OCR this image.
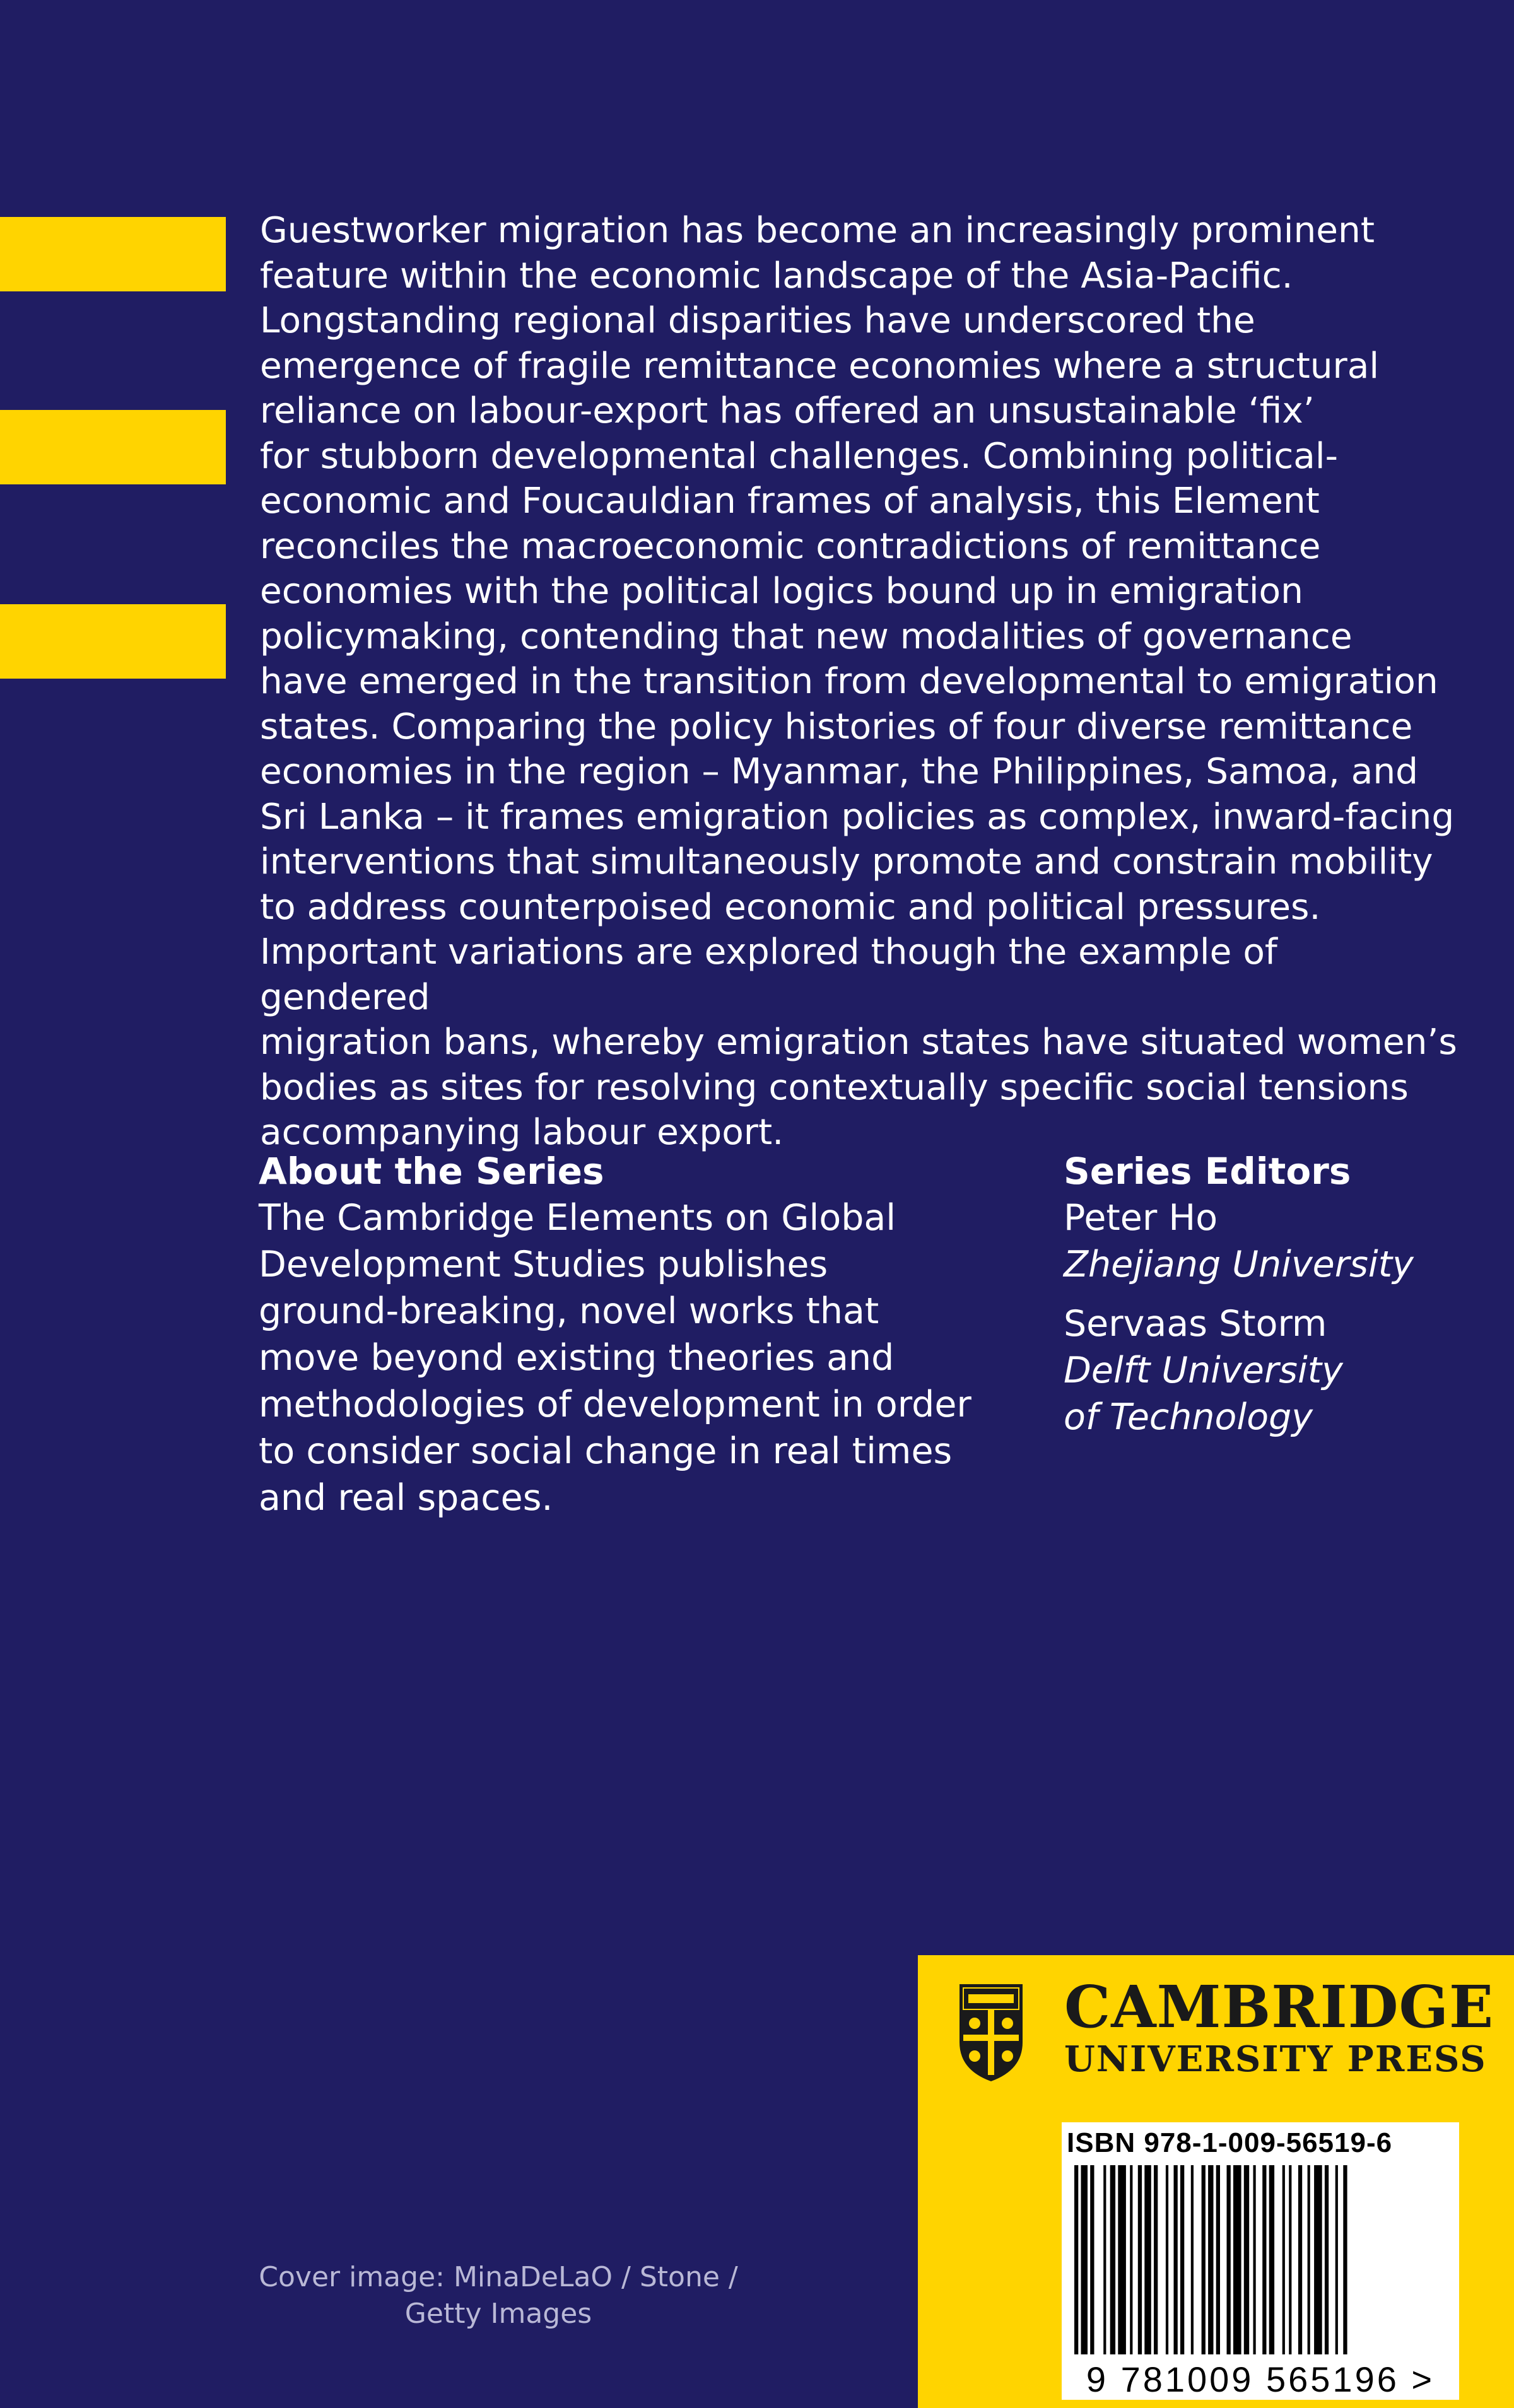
Guestworker migration has become an increasingly prominent

feature within the economic landscape of the Asia-Pacific.

Longstanding regional disparities have underscored the

emergence of fragile remittance economies where a structural

reliance on labour-export has offered an unsustainable ‘fix’

for stubborn developmental challenges. Combining political-

economic and Foucauldian frames of analysis, this Element

reconciles the macroeconomic contradictions of remittance

economies with the political logics bound up in emigration

policymaking, contending that new modalities of governance

have emerged in the transition from developmental to emigration

states. Comparing the policy histories of four diverse remittance

economies in the region – Myanmar, the Philippines, Samoa, and

Sri Lanka – it frames emigration policies as complex, inward-facing

interventions that simultaneously promote and constrain mobility

to address counterpoised economic and political pressures.

Important variations are explored though the example of gendered

migration bans, whereby emigration states have situated women’s

bodies as sites for resolving contextually specific social tensions

accompanying labour export.

About the Series
The Cambridge Elements on Global
Development Studies publishes
ground-breaking, novel works that
move beyond existing theories and
methodologies of development in order
to consider social change in real times
and real spaces.
Series Editors
Peter Ho
Zhejiang University
Servaas Storm
Delft University
of Technology
Cover image: MinaDeLaO / Stone /
Getty Images
CAMBRIDGE
UNIVERSITY PRESS
ISBN 978-1-009-56519-6
9 781009 565196 >
